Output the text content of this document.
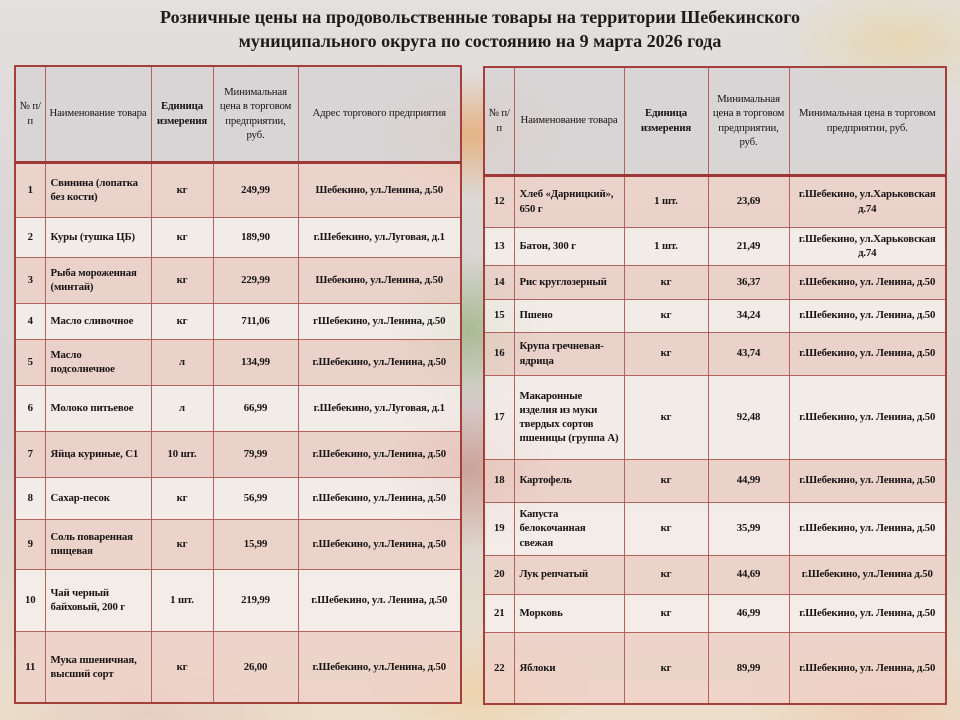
Розничные цены на продовольственные товары на территории Шебекинского
муниципального округа по состоянию на 9 марта 2026 года
№ п/п	Наименование товара	Единица измерения	Минимальная цена в торговом предприятии, руб.	Адрес торгового предприятия
1	Свинина (лопатка без кости)	кг	249,99	Шебекино, ул.Ленина, д.50
2	Куры (тушка ЦБ)	кг	189,90	г.Шебекино, ул.Луговая, д.1
3	Рыба мороженная (минтай)	кг	229,99	Шебекино, ул.Ленина, д.50
4	Масло сливочное	кг	711,06	гШебекино, ул.Ленина, д.50
5	Масло подсолнечное	л	134,99	г.Шебекино, ул.Ленина, д.50
6	Молоко питьевое	л	66,99	г.Шебекино, ул.Луговая, д.1
7	Яйца куриные, С1	10 шт.	79,99	г.Шебекино, ул.Ленина, д.50
8	Сахар-песок	кг	56,99	г.Шебекино, ул.Ленина, д.50
9	Соль поваренная пищевая	кг	15,99	г.Шебекино, ул.Ленина, д.50
10	Чай черный байховый, 200 г	1 шт.	219,99	г.Шебекино, ул. Ленина, д.50
11	Мука пшеничная, высший сорт	кг	26,00	г.Шебекино, ул.Ленина, д.50
№ п/п	Наименование товара	Единица измерения	Минимальная цена в торговом предприятии, руб.	Минимальная цена в торговом предприятии, руб.
12	Хлеб «Дарницкий», 650 г	1 шт.	23,69	г.Шебекино, ул.Харьковская д.74
13	Батон, 300 г	1 шт.	21,49	г.Шебекино, ул.Харьковская д.74
14	Рис круглозерный	кг	36,37	г.Шебекино, ул. Ленина, д.50
15	Пшено	кг	34,24	г.Шебекино, ул. Ленина, д.50
16	Крупа гречневая-ядрица	кг	43,74	г.Шебекино, ул. Ленина, д.50
17	Макаронные изделия из муки твердых сортов пшеницы (группа А)	кг	92,48	г.Шебекино, ул. Ленина, д.50
18	Картофель	кг	44,99	г.Шебекино, ул. Ленина, д.50
19	Капуста белокочанная свежая	кг	35,99	г.Шебекино, ул. Ленина, д.50
20	Лук репчатый	кг	44,69	г.Шебекино, ул.Ленина д.50
21	Морковь	кг	46,99	г.Шебекино, ул. Ленина, д.50
22	Яблоки	кг	89,99	г.Шебекино, ул. Ленина, д.50
